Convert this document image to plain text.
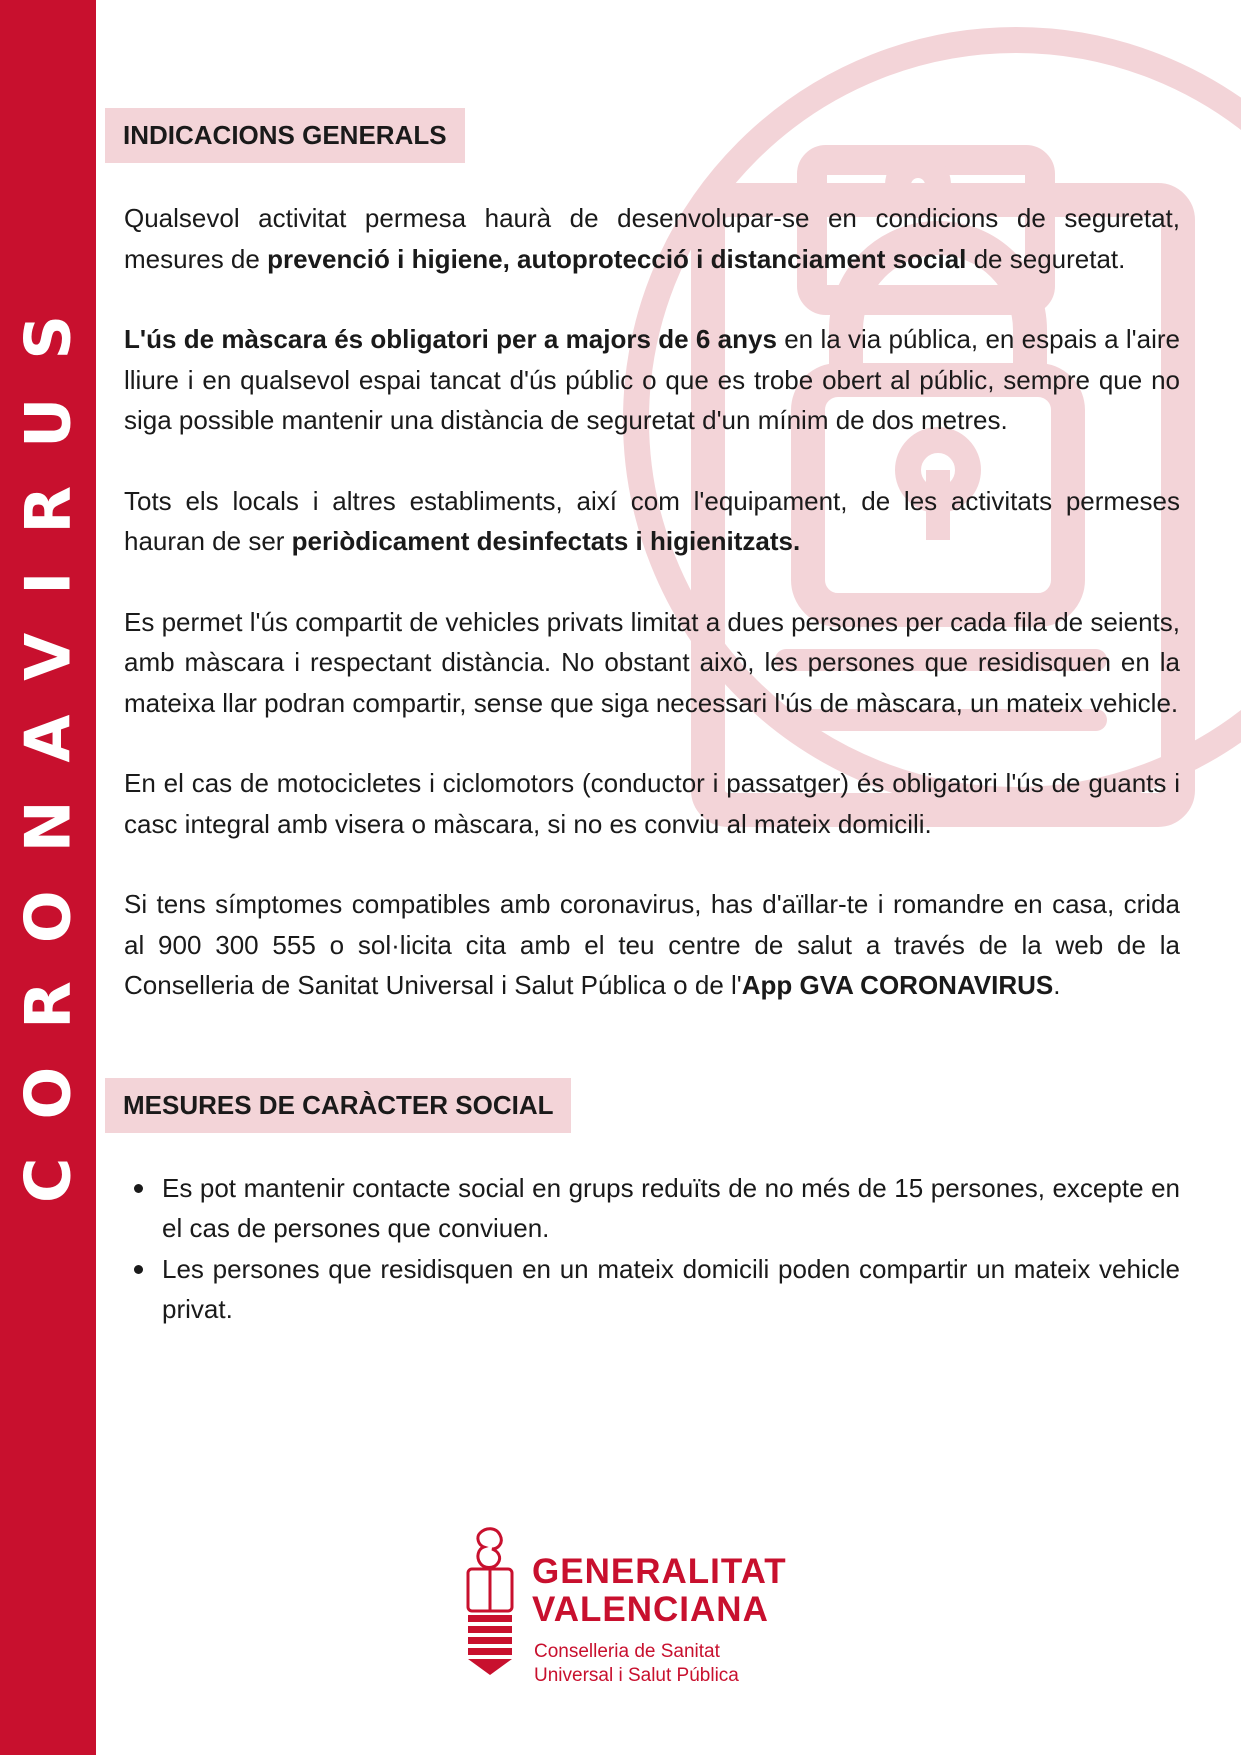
CORONAVIRUS
INDICACIONS GENERALS

Qualsevol activitat permesa haurà de desenvolupar-se en condicions de seguretat, mesures de prevenció i higiene, autoprotecció i distanciament social de seguretat.

L'ús de màscara és obligatori per a majors de 6 anys en la via pública, en espais a l'aire lliure i en qualsevol espai tancat d'ús públic o que es trobe obert al públic, sempre que no siga possible mantenir una distància de seguretat d'un mínim de dos metres.

Tots els locals i altres establiments, així com l'equipament, de les activitats permeses hauran de ser periòdicament desinfectats i higienitzats.

Es permet l'ús compartit de vehicles privats limitat a dues persones per cada fila de seients, amb màscara i respectant distància. No obstant això, les persones que residisquen en la mateixa llar podran compartir, sense que siga necessari l'ús de màscara, un mateix vehicle.

En el cas de motocicletes i ciclomotors (conductor i passatger) és obligatori l'ús de guants i casc integral amb visera o màscara, si no es conviu al mateix domicili.

Si tens símptomes compatibles amb coronavirus, has d'aïllar-te i romandre en casa, crida al 900 300 555 o sol·licita cita amb el teu centre de salut a través de la web de la Conselleria de Sanitat Universal i Salut Pública o de l'App GVA CORONAVIRUS.

MESURES DE CARÀCTER SOCIAL
Es pot mantenir contacte social en grups reduïts de no més de 15 persones, excepte en el cas de persones que conviuen.
Les persones que residisquen en un mateix domicili poden compartir un mateix vehicle privat.
GENERALITAT
VALENCIANA
Conselleria de Sanitat
Universal i Salut Pública
